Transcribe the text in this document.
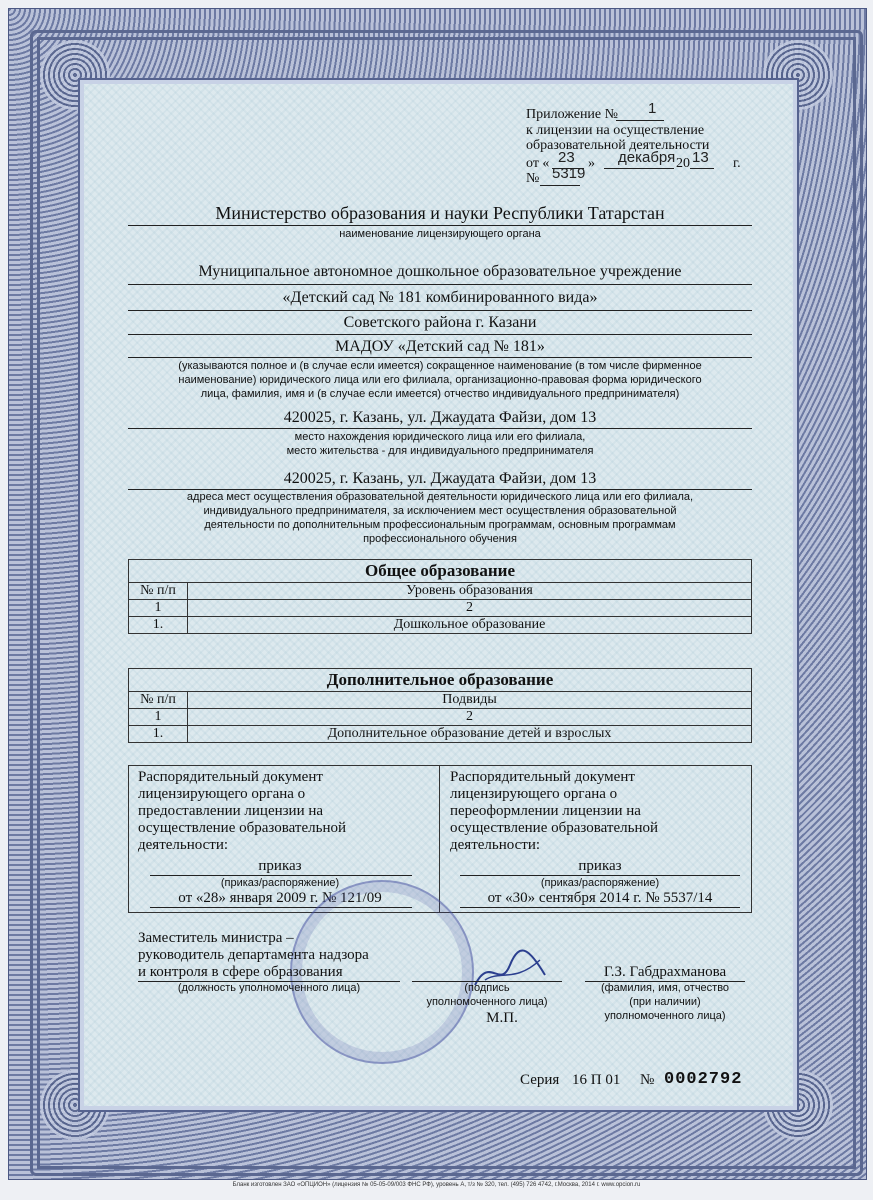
Приложение № 1
к лицензии на осуществление
образовательной деятельности
от « 23 » декабря 20 13 г.
№ 5319
Министерство образования и науки Республики Татарстан
наименование лицензирующего органа
Муниципальное автономное дошкольное образовательное учреждение
«Детский сад № 181 комбинированного вида»
Советского района г. Казани
МАДОУ «Детский сад № 181»
(указываются полное и (в случае если имеется) сокращенное наименование (в том числе фирменное
наименование) юридического лица или его филиала, организационно-правовая форма юридического
лица, фамилия, имя и (в случае если имеется) отчество индивидуального предпринимателя)
420025, г. Казань, ул. Джаудата Файзи, дом 13
место нахождения юридического лица или его филиала,
место жительства - для индивидуального предпринимателя
420025, г. Казань, ул. Джаудата Файзи, дом 13
адреса мест осуществления образовательной деятельности юридического лица или его филиала,
индивидуального предпринимателя, за исключением мест осуществления образовательной
деятельности по дополнительным профессиональным программам, основным программам
профессионального обучения
Общее образование	
№ п/п	Уровень образования
1	2
1.	Дошкольное образование
Дополнительное образование	
№ п/п	Подвиды
1	2
1.	Дополнительное образование детей и взрослых
Распорядительный документ
лицензирующего органа о
предоставлении лицензии на
осуществление образовательной
деятельности:
приказ
(приказ/распоряжение)
от «28» января 2009 г. № 121/09
Распорядительный документ
лицензирующего органа о
переоформлении лицензии на
осуществление образовательной
деятельности:
приказ
(приказ/распоряжение)
от «30» сентября 2014 г. № 5537/14
Заместитель министра –
руководитель департамента надзора
и контроля в сфере образования
(должность уполномоченного лица)	(подпись
уполномоченного лица)
М.П.
Г.З. Габдрахманова
(фамилия, имя, отчество
(при наличии)
уполномоченного лица)
Серия 16 П 01 № 0002792
Бланк изготовлен ЗАО «ОПЦИОН» (лицензия № 05-05-09/003 ФНС РФ), уровень А, т/з № 320, тел. (495) 726 4742, г.Москва, 2014 г. www.opcion.ru
